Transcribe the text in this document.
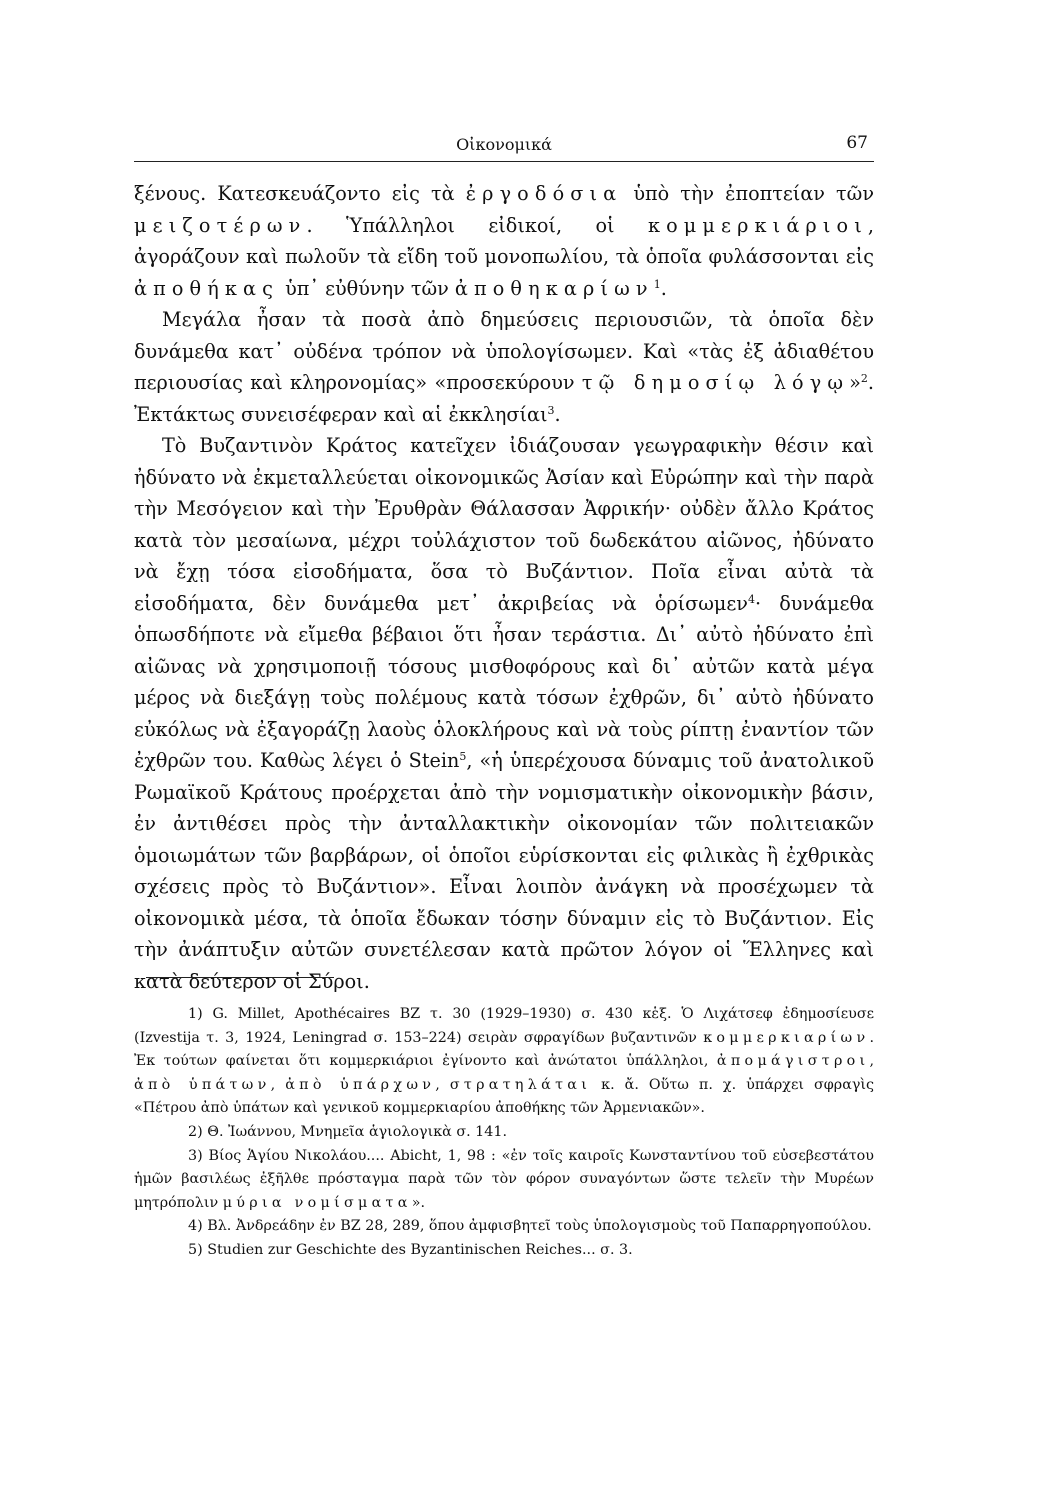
Οἰκονομικά	67

ξένους. Κατεσκευάζοντο εἰς τὰ ἐργοδόσια ὑπὸ τὴν ἐποπτείαν τῶν μειζοτέρων. Ὑπάλληλοι εἰδικοί, οἱ κομμερκιάριοι, ἀγοράζουν καὶ πωλοῦν τὰ εἴδη τοῦ μονοπωλίου, τὰ ὁποῖα φυλάσσονται εἰς ἀποθήκας ὑπ᾽ εὐθύνην τῶν ἀποθηκαρίων$^1$.

Μεγάλα ἦσαν τὰ ποσὰ ἀπὸ δημεύσεις περιουσιῶν, τὰ ὁποῖα δὲν δυνάμεθα κατ᾽ οὐδένα τρόπον νὰ ὑπολογίσωμεν. Καὶ «τὰς ἐξ ἀδιαθέτου περιουσίας καὶ κληρονομίας» «προσεκύρουν τῷ δημοσίῳ λόγῳ»$^2$. Ἐκτάκτως συνεισέφεραν καὶ αἱ ἐκκλησίαι$^3$.

Τὸ Βυζαντινὸν Κράτος κατεῖχεν ἰδιάζουσαν γεωγραφικὴν θέσιν καὶ ἠδύνατο νὰ ἐκμεταλλεύεται οἰκονομικῶς Ἀσίαν καὶ Εὐρώπην καὶ τὴν παρὰ τὴν Μεσόγειον καὶ τὴν Ἐρυθρὰν Θάλασσαν Ἀφρικήν· οὐδὲν ἄλλο Κράτος κατὰ τὸν μεσαίωνα, μέχρι τοὐλάχιστον τοῦ δωδεκάτου αἰῶνος, ἠδύνατο νὰ ἔχῃ τόσα εἰσοδήματα, ὅσα τὸ Βυζάντιον. Ποῖα εἶναι αὐτὰ τὰ εἰσοδήματα, δὲν δυνάμεθα μετ᾽ ἀκριβείας νὰ ὁρίσωμεν$^4$· δυνάμεθα ὁπωσδήποτε νὰ εἴμεθα βέβαιοι ὅτι ἦσαν τεράστια. Δι᾽ αὐτὸ ἠδύνατο ἐπὶ αἰῶνας νὰ χρησιμοποιῇ τόσους μισθοφόρους καὶ δι᾽ αὐτῶν κατὰ μέγα μέρος νὰ διεξάγῃ τοὺς πολέμους κατὰ τόσων ἐχθρῶν, δι᾽ αὐτὸ ἠδύνατο εὐκόλως νὰ ἐξαγοράζῃ λαοὺς ὁλοκλήρους καὶ νὰ τοὺς ρίπτῃ ἐναντίον τῶν ἐχθρῶν του. Καθὼς λέγει ὁ Stein$^5$, «ἡ ὑπερέχουσα δύναμις τοῦ ἀνατολικοῦ Ρωμαϊκοῦ Κράτους προέρχεται ἀπὸ τὴν νομισματικὴν οἰκονομικὴν βάσιν, ἐν ἀντιθέσει πρὸς τὴν ἀνταλλακτικὴν οἰκονομίαν τῶν πολιτειακῶν ὁμοιωμάτων τῶν βαρβάρων, οἱ ὁποῖοι εὑρίσκονται εἰς φιλικὰς ἢ ἐχθρικὰς σχέσεις πρὸς τὸ Βυζάντιον». Εἶναι λοιπὸν ἀνάγκη νὰ προσέχωμεν τὰ οἰκονομικὰ μέσα, τὰ ὁποῖα ἔδωκαν τόσην δύναμιν εἰς τὸ Βυζάντιον. Εἰς τὴν ἀνάπτυξιν αὐτῶν συνετέλεσαν κατὰ πρῶτον λόγον οἱ Ἕλληνες καὶ κατὰ δεύτερον οἱ Σύροι.

1) G. Millet, Apothécaires BZ τ. 30 (1929–1930) σ. 430 κἑξ. Ὁ Λιχάτσεφ ἐδημοσίευσε (Izvestija τ. 3, 1924, Leningrad σ. 153–224) σειρὰν σφραγίδων βυζαντινῶν κομμερκιαρίων. Ἐκ τούτων φαίνεται ὅτι κομμερκιάριοι ἐγίνοντο καὶ ἀνώτατοι ὑπάλληλοι, ἀπομάγιστροι, ἀπὸ ὑπάτων, ἀπὸ ὑπάρχων, στρατηλάται κ. ἄ. Οὕτω π. χ. ὑπάρχει σφραγὶς «Πέτρου ἀπὸ ὑπάτων καὶ γενικοῦ κομμερκιαρίου ἀποθήκης τῶν Ἀρμενιακῶν».

2) Θ. Ἰωάννου, Μνημεῖα ἁγιολογικὰ σ. 141.

3) Βίος Ἁγίου Νικολάου.... Abicht, 1, 98 : «ἐν τοῖς καιροῖς Κωνσταντίνου τοῦ εὐσεβεστάτου ἡμῶν βασιλέως ἐξῆλθε πρόσταγμα παρὰ τῶν τὸν φόρον συναγόντων ὥστε τελεῖν τὴν Μυρέων μητρόπολιν μύρια νομίσματα».

4) Βλ. Ἀνδρεάδην ἐν BZ 28, 289, ὅπου ἀμφισβητεῖ τοὺς ὑπολογισμοὺς τοῦ Παπαρρηγοπούλου.

5) Studien zur Geschichte des Byzantinischen Reiches... σ. 3.
